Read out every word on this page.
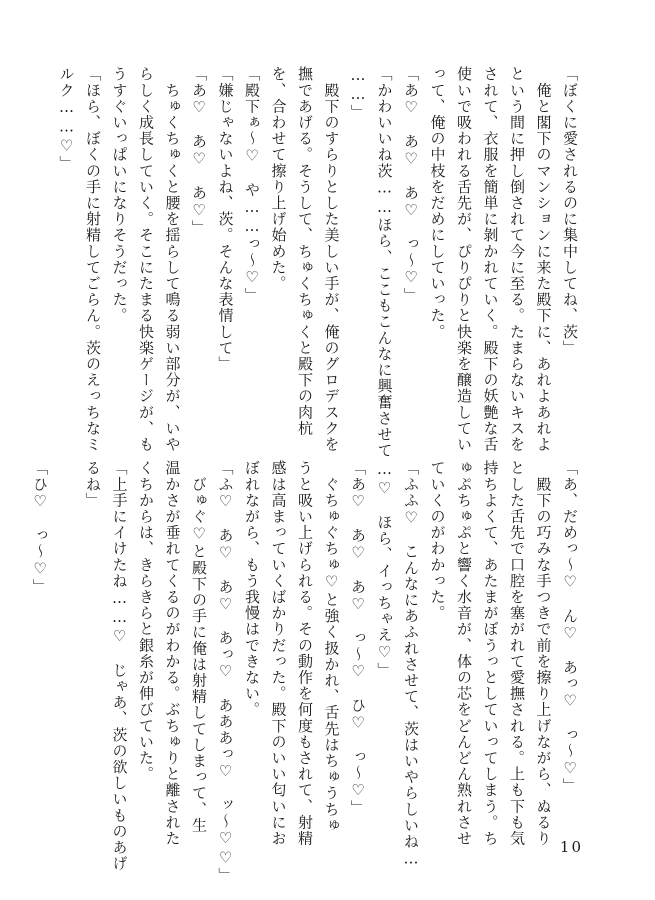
「ぼくに愛されるのに集中してね、茨」
　俺と閣下のマンションに来た殿下に、あれよあれよ
という間に押し倒されて今に至る。たまらないキスを
されて、衣服を簡単に剝かれていく。殿下の妖艶な舌
使いで吸われる舌先が、ぴりぴりと快楽を醸造してい
って、俺の中枝をだめにしていった。
「あ♡　あ♡　あ♡　っ〜♡」
「かわいいね茨……ほら、ここもこんなに興奮させて
……」
　殿下のすらりとした美しい手が、俺のグロデスクを
撫であげる。そうして、ちゅくちゅくと殿下の肉杭
を、合わせて擦り上げ始めた。
「殿下ぁ〜♡　や……っ〜♡」
「嫌じゃないよね、茨。そんな表情して」
「あ♡　あ♡　あ♡」
　ちゅくちゅくと腰を揺らして鳴る弱い部分が、いや
らしく成長していく。そこにたまる快楽ゲージが、も
うすぐいっぱいになりそうだった。
「ほら、ぼくの手に射精してごらん。茨のえっちなミ
ルク……♡」
「あ、だめっ〜♡　ん♡　あっ♡　っ〜♡」
　殿下の巧みな手つきで前を擦り上げながら、ぬるり
とした舌先で口腔を塞がれて愛撫される。上も下も気
持ちよくて、あたまがぼうっとしていってしまう。ち
ゅぷちゅぷと響く水音が、体の芯をどんどん熟れさせ
ていくのがわかった。
「ふふ♡　こんなにあふれさせて、茨はいやらしいね…
…♡　ほら、イっちゃえ♡」
「あ♡　あ♡　あ♡　っ〜♡　ひ♡　っ〜♡」
　ぐちゅぐちゅ♡と強く扱かれ、舌先はちゅうちゅ
うと吸い上げられる。その動作を何度もされて、射精
感は高まっていくばかりだった。殿下のいい匂いにお
ぼれながら、もう我慢はできない。
「ふ♡　あ♡　あ♡　あっ♡　あああっ♡　ッ〜♡♡」
　びゅぐ♡と殿下の手に俺は射精してしまって、生
温かさが垂れてくるのがわかる。ぶちゅりと離された
くちからは、きらきらと銀糸が伸びていた。
「上手にイけたね……♡　じゃあ、茨の欲しいものあげ
るね」
「ひ♡　っ〜♡」
10
